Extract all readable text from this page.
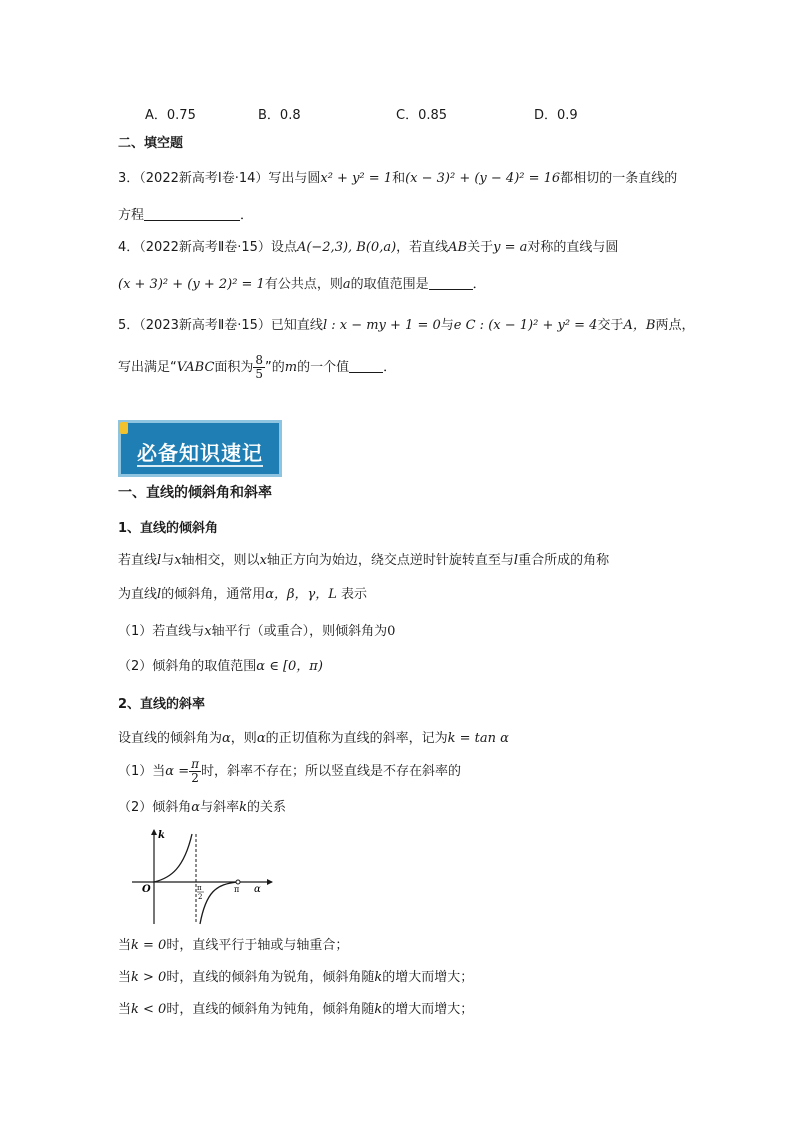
A．0.75	B．0.8	C．0.85	D．0.9
二、填空题
3．（2022新高考Ⅰ卷·14）写出与圆x² + y² = 1和(x − 3)² + (y − 4)² = 16都相切的一条直线的
方程	．
4．（2022新高考Ⅱ卷·15）设点A(−2,3), B(0,a)，若直线AB关于y = a对称的直线与圆
(x + 3)² + (y + 2)² = 1有公共点，则a的取值范围是	．
5．（2023新高考Ⅱ卷·15）已知直线l : x − my + 1 = 0与e C : (x − 1)² + y² = 4交于A，B两点，
写出满足“VABC面积为 $\frac{8}{5}$ ”的m的一个值	．
必备知识速记
一、直线的倾斜角和斜率
1、直线的倾斜角
若直线l与x轴相交，则以x轴正方向为始边，绕交点逆时针旋转直至与l重合所成的角称
为直线l的倾斜角，通常用α，β，γ，L 表示
（1）若直线与x轴平行（或重合），则倾斜角为0
（2）倾斜角的取值范围α ∈ [0，π)
2、直线的斜率
设直线的倾斜角为α，则α的正切值称为直线的斜率，记为k = tan α
（1）当$\alpha = \frac{\pi}{2}$ 时，斜率不存在；所以竖直线是不存在斜率的
（2）倾斜角α与斜率k的关系
k
O	α
π
π
2
当k = 0时，直线平行于轴或与轴重合；
当k > 0时，直线的倾斜角为锐角，倾斜角随k的增大而增大；
当k < 0时，直线的倾斜角为钝角，倾斜角随k的增大而增大；
